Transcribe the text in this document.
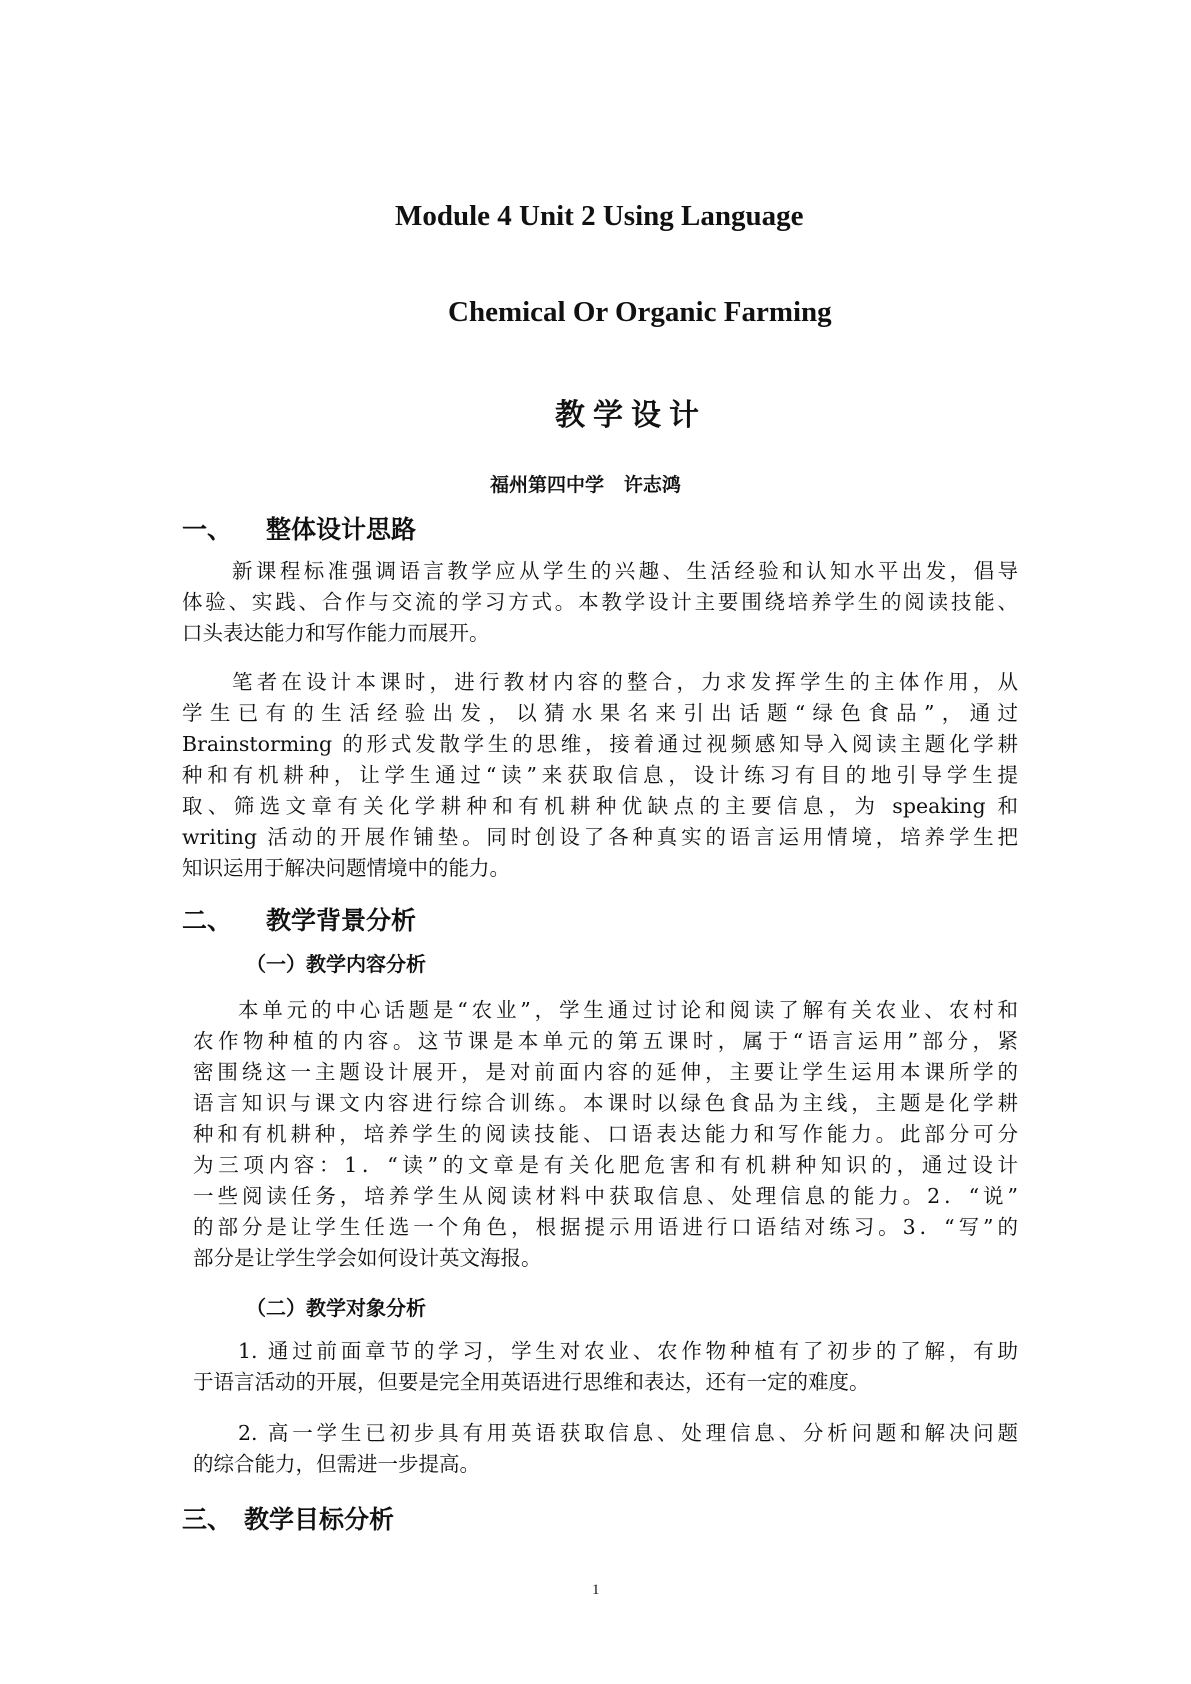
Module 4 Unit 2 Using Language
Chemical Or Organic Farming
教学设计
福州第四中学   许志鸿
一、 整体设计思路
新课程标准强调语言教学应从学生的兴趣、生活经验和认知水平出发，倡导
体验、实践、合作与交流的学习方式。本教学设计主要围绕培养学生的阅读技能、
口头表达能力和写作能力而展开。
笔者在设计本课时，进行教材内容的整合，力求发挥学生的主体作用，从
学生已有的生活经验出发，以猜水果名来引出话题“绿色食品”，通过
Brainstorming 的形式发散学生的思维，接着通过视频感知导入阅读主题化学耕
种和有机耕种，让学生通过“读”来获取信息，设计练习有目的地引导学生提
取、筛选文章有关化学耕种和有机耕种优缺点的主要信息，为 speaking 和
writing 活动的开展作铺垫。同时创设了各种真实的语言运用情境，培养学生把
知识运用于解决问题情境中的能力。
二、 教学背景分析
（一）教学内容分析
本单元的中心话题是“农业”，学生通过讨论和阅读了解有关农业、农村和
农作物种植的内容。这节课是本单元的第五课时，属于“语言运用”部分，紧
密围绕这一主题设计展开，是对前面内容的延伸，主要让学生运用本课所学的
语言知识与课文内容进行综合训练。本课时以绿色食品为主线，主题是化学耕
种和有机耕种，培养学生的阅读技能、口语表达能力和写作能力。此部分可分
为三项内容：1．“读”的文章是有关化肥危害和有机耕种知识的，通过设计
一些阅读任务，培养学生从阅读材料中获取信息、处理信息的能力。2．“说”
的部分是让学生任选一个角色，根据提示用语进行口语结对练习。3．“写”的
部分是让学生学会如何设计英文海报。
（二）教学对象分析
1. 通过前面章节的学习，学生对农业、农作物种植有了初步的了解，有助
于语言活动的开展，但要是完全用英语进行思维和表达，还有一定的难度。
2. 高一学生已初步具有用英语获取信息、处理信息、分析问题和解决问题
的综合能力，但需进一步提高。
三、 教学目标分析
1
